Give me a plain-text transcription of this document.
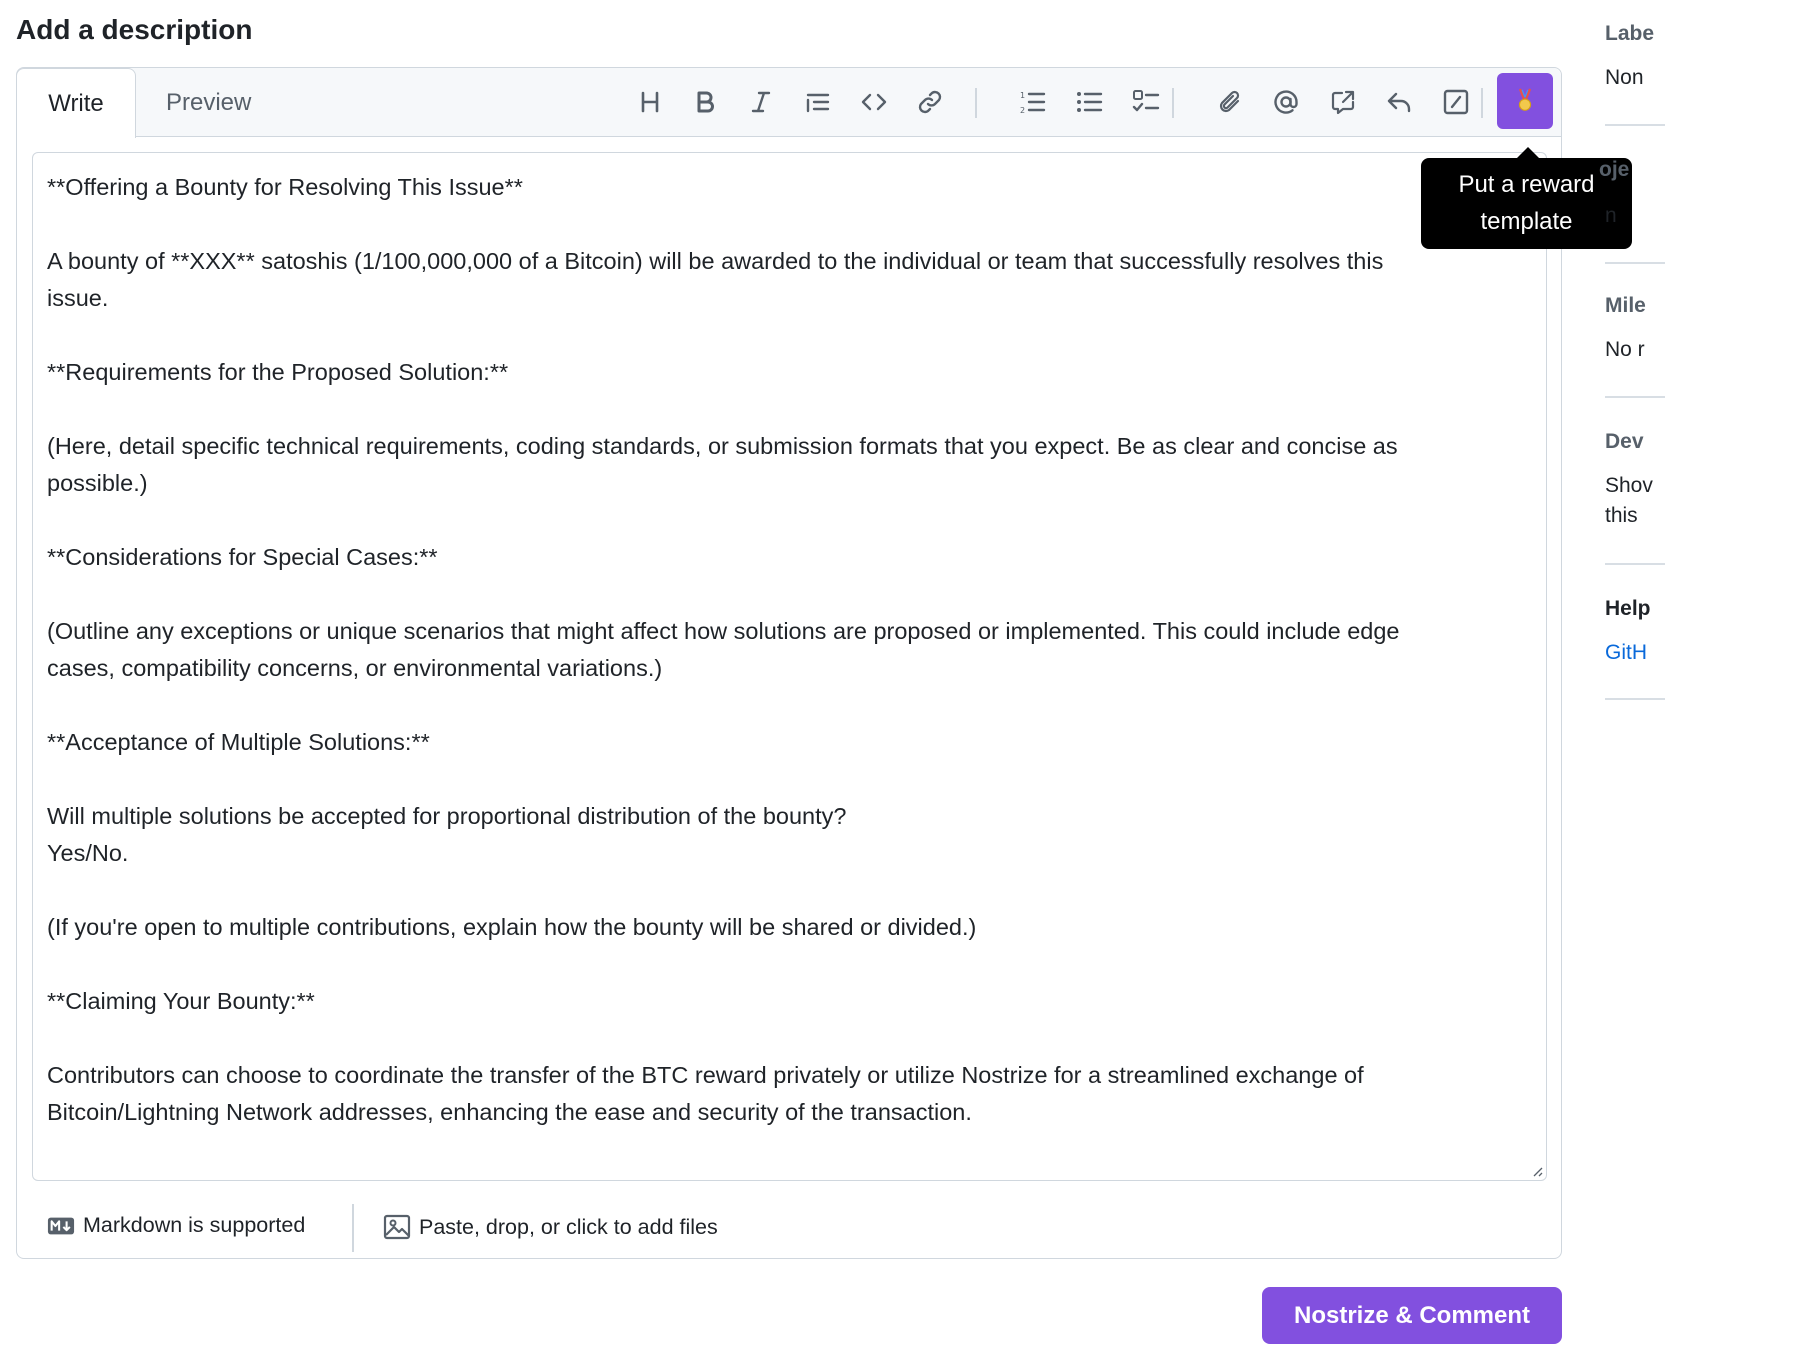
Add a description
Write	Preview	1
2
**Offering a Bounty for Resolving This Issue**
A bounty of **XXX** satoshis (1/100,000,000 of a Bitcoin) will be awarded to the individual or team that successfully resolves this
issue.
**Requirements for the Proposed Solution:**
(Here, detail specific technical requirements, coding standards, or submission formats that you expect. Be as clear and concise as
possible.)
**Considerations for Special Cases:**
(Outline any exceptions or unique scenarios that might affect how solutions are proposed or implemented. This could include edge
cases, compatibility concerns, or environmental variations.)
**Acceptance of Multiple Solutions:**
Will multiple solutions be accepted for proportional distribution of the bounty?
Yes/No.
(If you're open to multiple contributions, explain how the bounty will be shared or divided.)
**Claiming Your Bounty:**
Contributors can choose to coordinate the transfer of the BTC reward privately or utilize Nostrize for a streamlined exchange of
Bitcoin/Lightning Network addresses, enhancing the ease and security of the transaction.
Markdown is supported	Paste, drop, or click to add files
Put a reward
template
Nostrize & Comment
Labe
Non
oje
n
Mile
No r
Dev
Shov
this
Help
GitH
